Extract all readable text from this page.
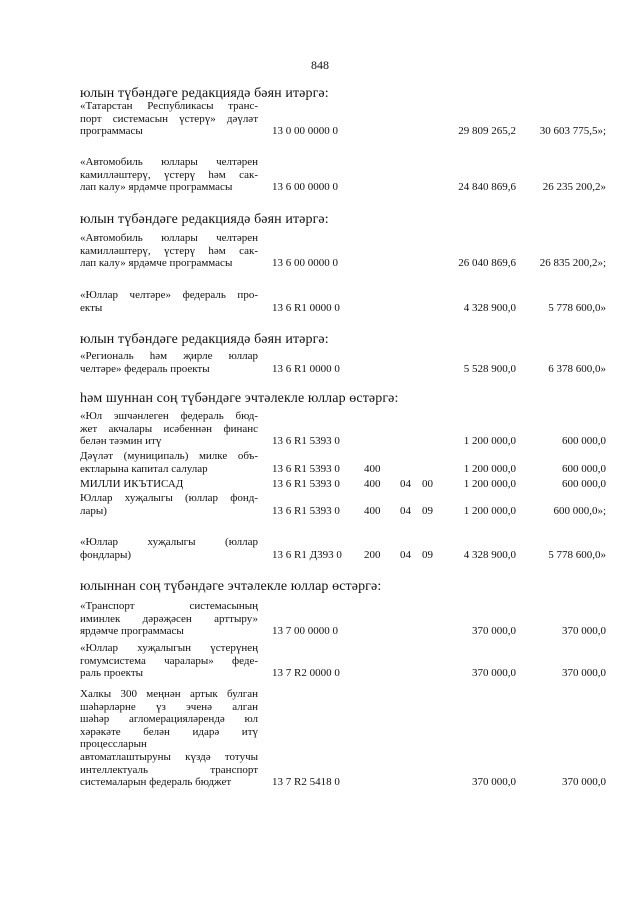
848
юлын түбәндәге редакциядә бәян итәргә:
юлын түбәндәге редакциядә бәян итәргә:
юлын түбәндәге редакциядә бәян итәргә:
һәм шуннан соң түбәндәге эчтәлекле юллар өстәргә:
юлыннан соң түбәндәге эчтәлекле юллар өстәргә:
«Татарстан Республикасы транс-
порт системасын үстерү» дәүләт
программасы	13 0 00 0000 0	29 809 265,2 30 603 775,5»;
«Автомобиль юллары челтәрен
камилләштерү, үстерү һәм сак-
лап калу» ярдәмче программасы	13 6 00 0000 0	24 840 869,6 26 235 200,2»
«Автомобиль юллары челтәрен
камилләштерү, үстерү һәм сак-
лап калу» ярдәмче программасы	13 6 00 0000 0	26 040 869,6 26 835 200,2»;
«Юллар челтәре» федераль про-
екты	13 6 R1 0000 0	4 328 900,0	5 778 600,0»
«Региональ һәм җирле юллар
челтәре» федераль проекты	13 6 R1 0000 0	5 528 900,0	6 378 600,0»
«Юл эшчәнлеген федераль бюд-
жет акчалары исәбеннән финанс
белән тәэмин итү	13 6 R1 5393 0	1 200 000,0	600 000,0
Дәүләт (муниципаль) милке объ-
ектларына капитал салулар	13 6 R1 5393 0 400	1 200 000,0	600 000,0
МИЛЛИ ИКЪТИСАД	13 6 R1 5393 0 400 04 00	1 200 000,0	600 000,0
Юллар хуҗалыгы (юллар фонд-
лары)	13 6 R1 5393 0 400 04 09	1 200 000,0	600 000,0»;
«Юллар хуҗалыгы (юллар
фондлары)	13 6 R1 Д393 0 200 04 09	4 328 900,0	5 778 600,0»
«Транспорт системасының
иминлек дәрәҗәсен арттыру»
ярдәмче программасы	13 7 00 0000 0	370 000,0	370 000,0
«Юллар хуҗалыгын үстерүнең
гомумсистема чаралары» федe-
раль проекты	13 7 R2 0000 0	370 000,0	370 000,0
Халкы 300 меңнән артык булган
шәһәрләрне үз эченә алган
шәһәр агломерацияләрендә юл
хәрәкәте белән идарә итү
процессларын
автоматлаштыруны күздә тотучы
интеллектуаль транспорт
системаларын федераль бюджет	13 7 R2 5418 0	370 000,0	370 000,0
